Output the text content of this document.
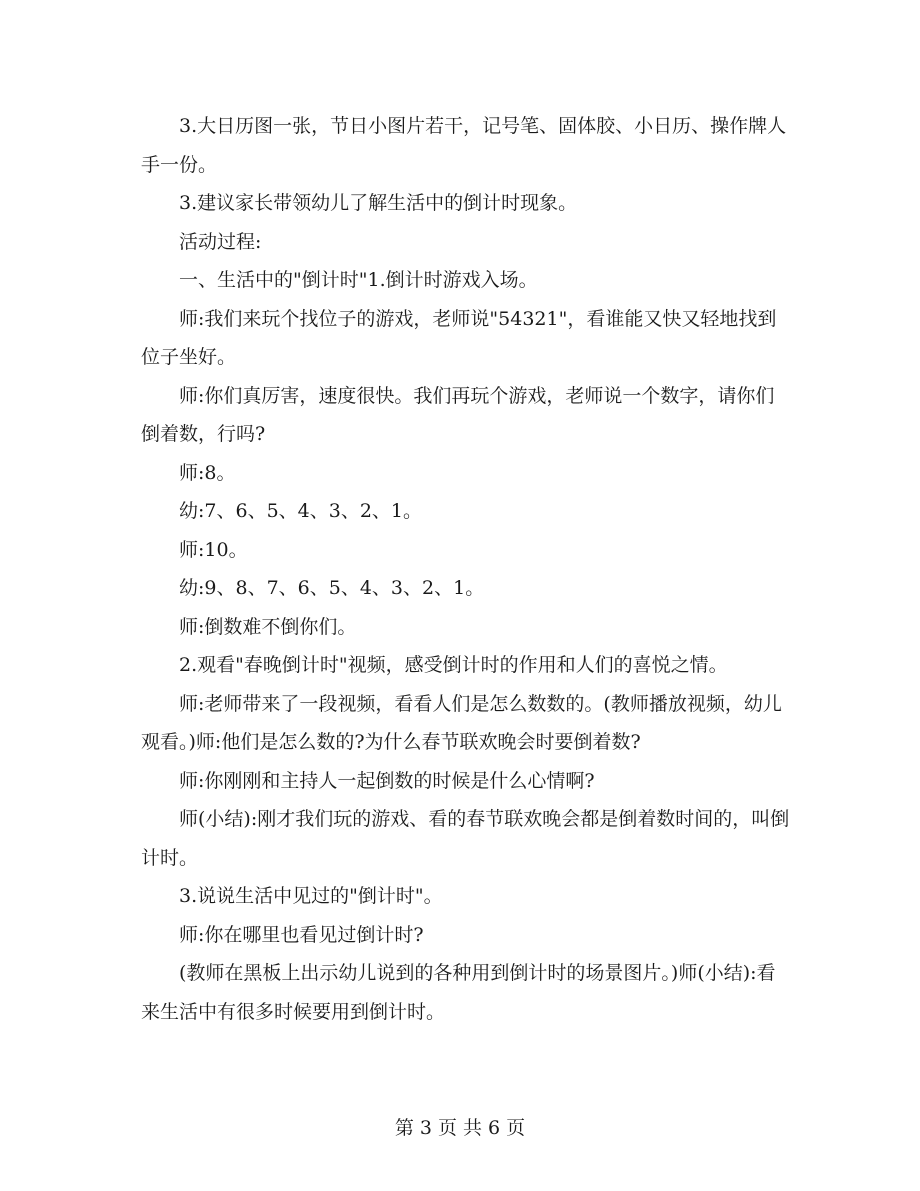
3.大日历图一张，节日小图片若干，记号笔、固体胶、小日历、操作牌人手一份。

3.建议家长带领幼儿了解生活中的倒计时现象。

活动过程:

一、生活中的"倒计时"1.倒计时游戏入场。

师:我们来玩个找位子的游戏，老师说"54321"，看谁能又快又轻地找到位子坐好。

师:你们真厉害，速度很快。我们再玩个游戏，老师说一个数字，请你们倒着数，行吗?

师:8。

幼:7、6、5、4、3、2、1。

师:10。

幼:9、8、7、6、5、4、3、2、1。

师:倒数难不倒你们。

2.观看"春晚倒计时"视频，感受倒计时的作用和人们的喜悦之情。

师:老师带来了一段视频，看看人们是怎么数数的。(教师播放视频，幼儿观看。)师:他们是怎么数的?为什么春节联欢晚会时要倒着数?

师:你刚刚和主持人一起倒数的时候是什么心情啊?

师(小结):刚才我们玩的游戏、看的春节联欢晚会都是倒着数时间的，叫倒计时。

3.说说生活中见过的"倒计时"。

师:你在哪里也看见过倒计时?

(教师在黑板上出示幼儿说到的各种用到倒计时的场景图片。)师(小结):看来生活中有很多时候要用到倒计时。

第 3 页 共 6 页
